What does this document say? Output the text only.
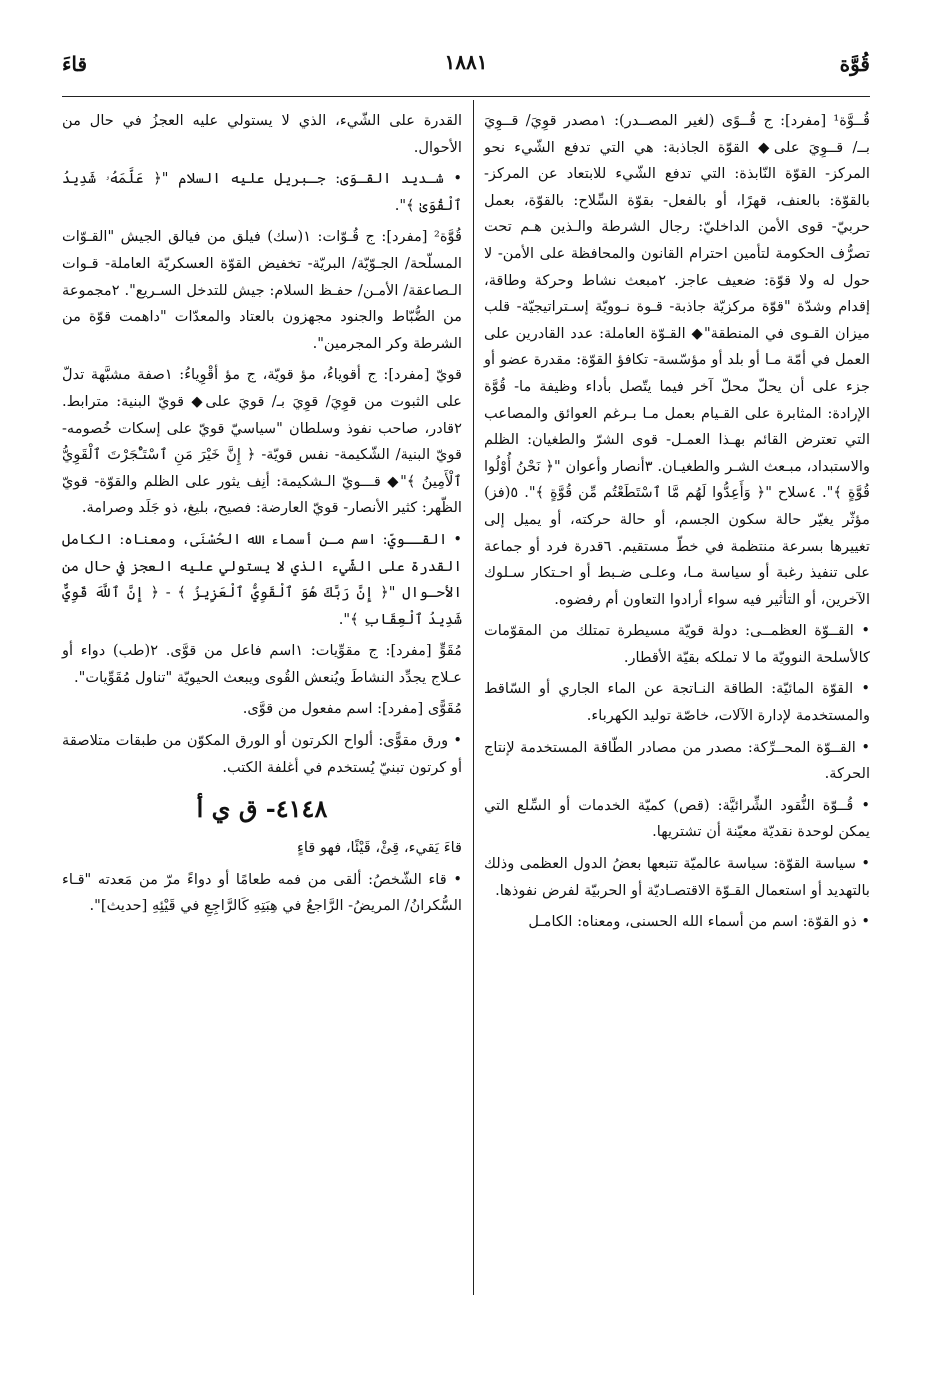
قُوَّة
١٨٨١
قاءَ

قُــوَّة¹ [مفرد]: ج قُــوًى (لغير المصــدر): ١مصدر قوِيَ/ قــوِيَ بــ/ قــوِيَ على◆ القوّة الجاذبة: هي التي تدفع الشّيء نحو المركز- القوّة النّابذة: التي تدفع الشّيء للابتعاد عن المركز- بالقوّة: بالعنف، قهرًا، أو بالفعل- بقوّة السِّلاح: بالقوّة، بعمل حربيّ- قوى الأمن الداخليّ: رجال الشرطة والـذين هـم تحت تصرُّف الحكومة لتأمين احترام القانون والمحافظة على الأمن- لا حول له ولا قوّة: ضعيف عاجز. ٢مبعث نشاط وحركة وطاقة، إقدام وشدّة "قوّة مركزيّة جاذبة- قـوة نـوويّة إسـتراتيجيّة- قلب ميزان القـوى في المنطقة"◆ القـوّة العاملة: عدد القادرين على العمل في أمّة مـا أو بلد أو مؤسّسة- تكافؤ القوّة: مقدرة عضو أو جزء على أن يحلّ محلّ آخر فيما يتّصل بأداء وظيفة ما- قُوَّة الإرادة: المثابرة على القـيام بعمل مـا بـرغم العوائق والمصاعب التي تعترض القائم بهـذا العمـل- قوى الشرّ والطغيان: الظلم والاستبداد، مبـعث الشـر والطغيـان. ٣أنصار وأعوان "﴿ نَحْنُ أُوْلُوا قُوَّةٍ ﴾". ٤سلاح "﴿ وَأَعِدُّوا لَهُم مَّا ٱسْتَطَعْتُم مِّن قُوَّةٍ ﴾". ٥(فز) مؤثّر يغيّر حالة سكون الجسم، أو حالة حركته، أو يميل إلى تغييرها بسرعة منتظمة في خطّ مستقيم. ٦قدرة فرد أو جماعة على تنفيذ رغبة أو سياسة مـا، وعلـى ضـبط أو احـتكار سـلوك الآخرين، أو التأثير فيه سواء أرادوا التعاون أم رفضوه.

• القــوّة العظمــى: دولة قويّة مسيطرة تمتلك من المقوّمات كالأسلحة النوويّة ما لا تملكه بقيّة الأقطار.

• القوّة المائيّة: الطاقة النـاتجة عن الماء الجاري أو السّاقط والمستخدمة لإدارة الآلات، خاصّة توليد الكهرباء.

• القــوّة المحــرِّكة: مصدر من مصادر الطّاقة المستخدمة لإنتاج الحركة.

• قُــوّة النُّقود الشِّرائيَّة: (قص) كميّة الخدمات أو السِّلع التي يمكن لوحدة نقديّة معيّنة أن تشتريها.

• سياسة القوّة: سياسة عالميّة تتبعها بعضُ الدول العظمى وذلك بالتهديد أو استعمال القـوّة الاقتصـاديّة أو الحربيّة لفرض نفوذها.

• ذو القوّة: اسم من أسماء الله الحسنى، ومعناه: الكامـل

القدرة على الشّيء، الذي لا يستولي عليه العجزُ في حال من الأحوال.

• شـديد القـوَى: جـبريل عليه السلام "﴿ عَلَّمَهُۥ شَدِيدُ ٱلْقُوَىٰ ﴾".

قُوَّة² [مفرد]: ج قُـوّات: ١(سك) فيلق من فيالق الجيش "القـوّات المسلّحة/ الجـوّيّة/ البريّة- تخفيض القوّة العسكريّة العاملة- قـوات الـصاعقة/ الأمـن/ حفـظ السلام: جيش للتدخل السـريع". ٢مجموعة من الضُّبّاط والجنود مجهزون بالعتاد والمعدّات "داهمت قوّة من الشرطة وكر المجرمين".

قويّ [مفرد]: ج أقوياءُ، مؤ قويّة، ج مؤ أقْوِياءُ: ١صفة مشبَّهة تدلّ على الثبوت من قوِيَ/ قوِيَ بـ/ قويَ على◆ قويّ البنية: مترابط. ٢قادر، صاحب نفوذ وسلطان "سياسيّ قويّ على إسكات خُصومه- قويّ البنية/ الشّكيمة- نفس قويّة- ﴿ إِنَّ خَيْرَ مَنِ ٱسْتَـْٔجَرْتَ ٱلْقَوِيُّ ٱلْأَمِينُ ﴾"◆ قـــويّ الـشكيمة: أنِف يثور على الظلم والقوّة- قويّ الظّهر: كثير الأنصار- قويّ العارضة: فصيح، بليغ، ذو جَلَد وصرامة.

• القــويّ: اسم مـن أسماء الله الحُسْنَى، ومعناه: الكامل القدرة على الشّيء الذي لا يستولي عليه العجز في حال من الأحـوال "﴿ إِنَّ رَبَّكَ هُوَ ٱلْقَوِيُّ ٱلْعَزِيزُ ﴾ - ﴿ إِنَّ ٱللَّهَ قَوِيٌّ شَدِيدُ ٱلْعِقَابِ ﴾".

مُقَوٍّ [مفرد]: ج مقوِّيات: ١اسم فاعل من قوَّى. ٢(طب) دواء أو عـلاج يجدِّد النشاطَ ويُنعش القُوى ويبعث الحيويّة "تناول مُقَوِّيات".

مُقَوًّى [مفرد]: اسم مفعول من قوَّى.

• ورق مقوًّى: ألواح الكرتون أو الورق المكوّن من طبقات متلاصقة أو كرتون تبنيّ يُستخدم في أغلفة الكتب.

٤١٤٨- ق ي أ

قاءَ يَقيء، قِئْ، قَيْئًا، فهو قاءٍ

• قاء الشّخصُ: ألقى من فمه طعامًا أو دواءً مرّ من مَعدته "قـاء السُّكرانُ/ المريضُ- الرَّاجعُ في هِبَتِهِ كَالرَّاجِعِ في قَيْئِهِ [حديث]".
